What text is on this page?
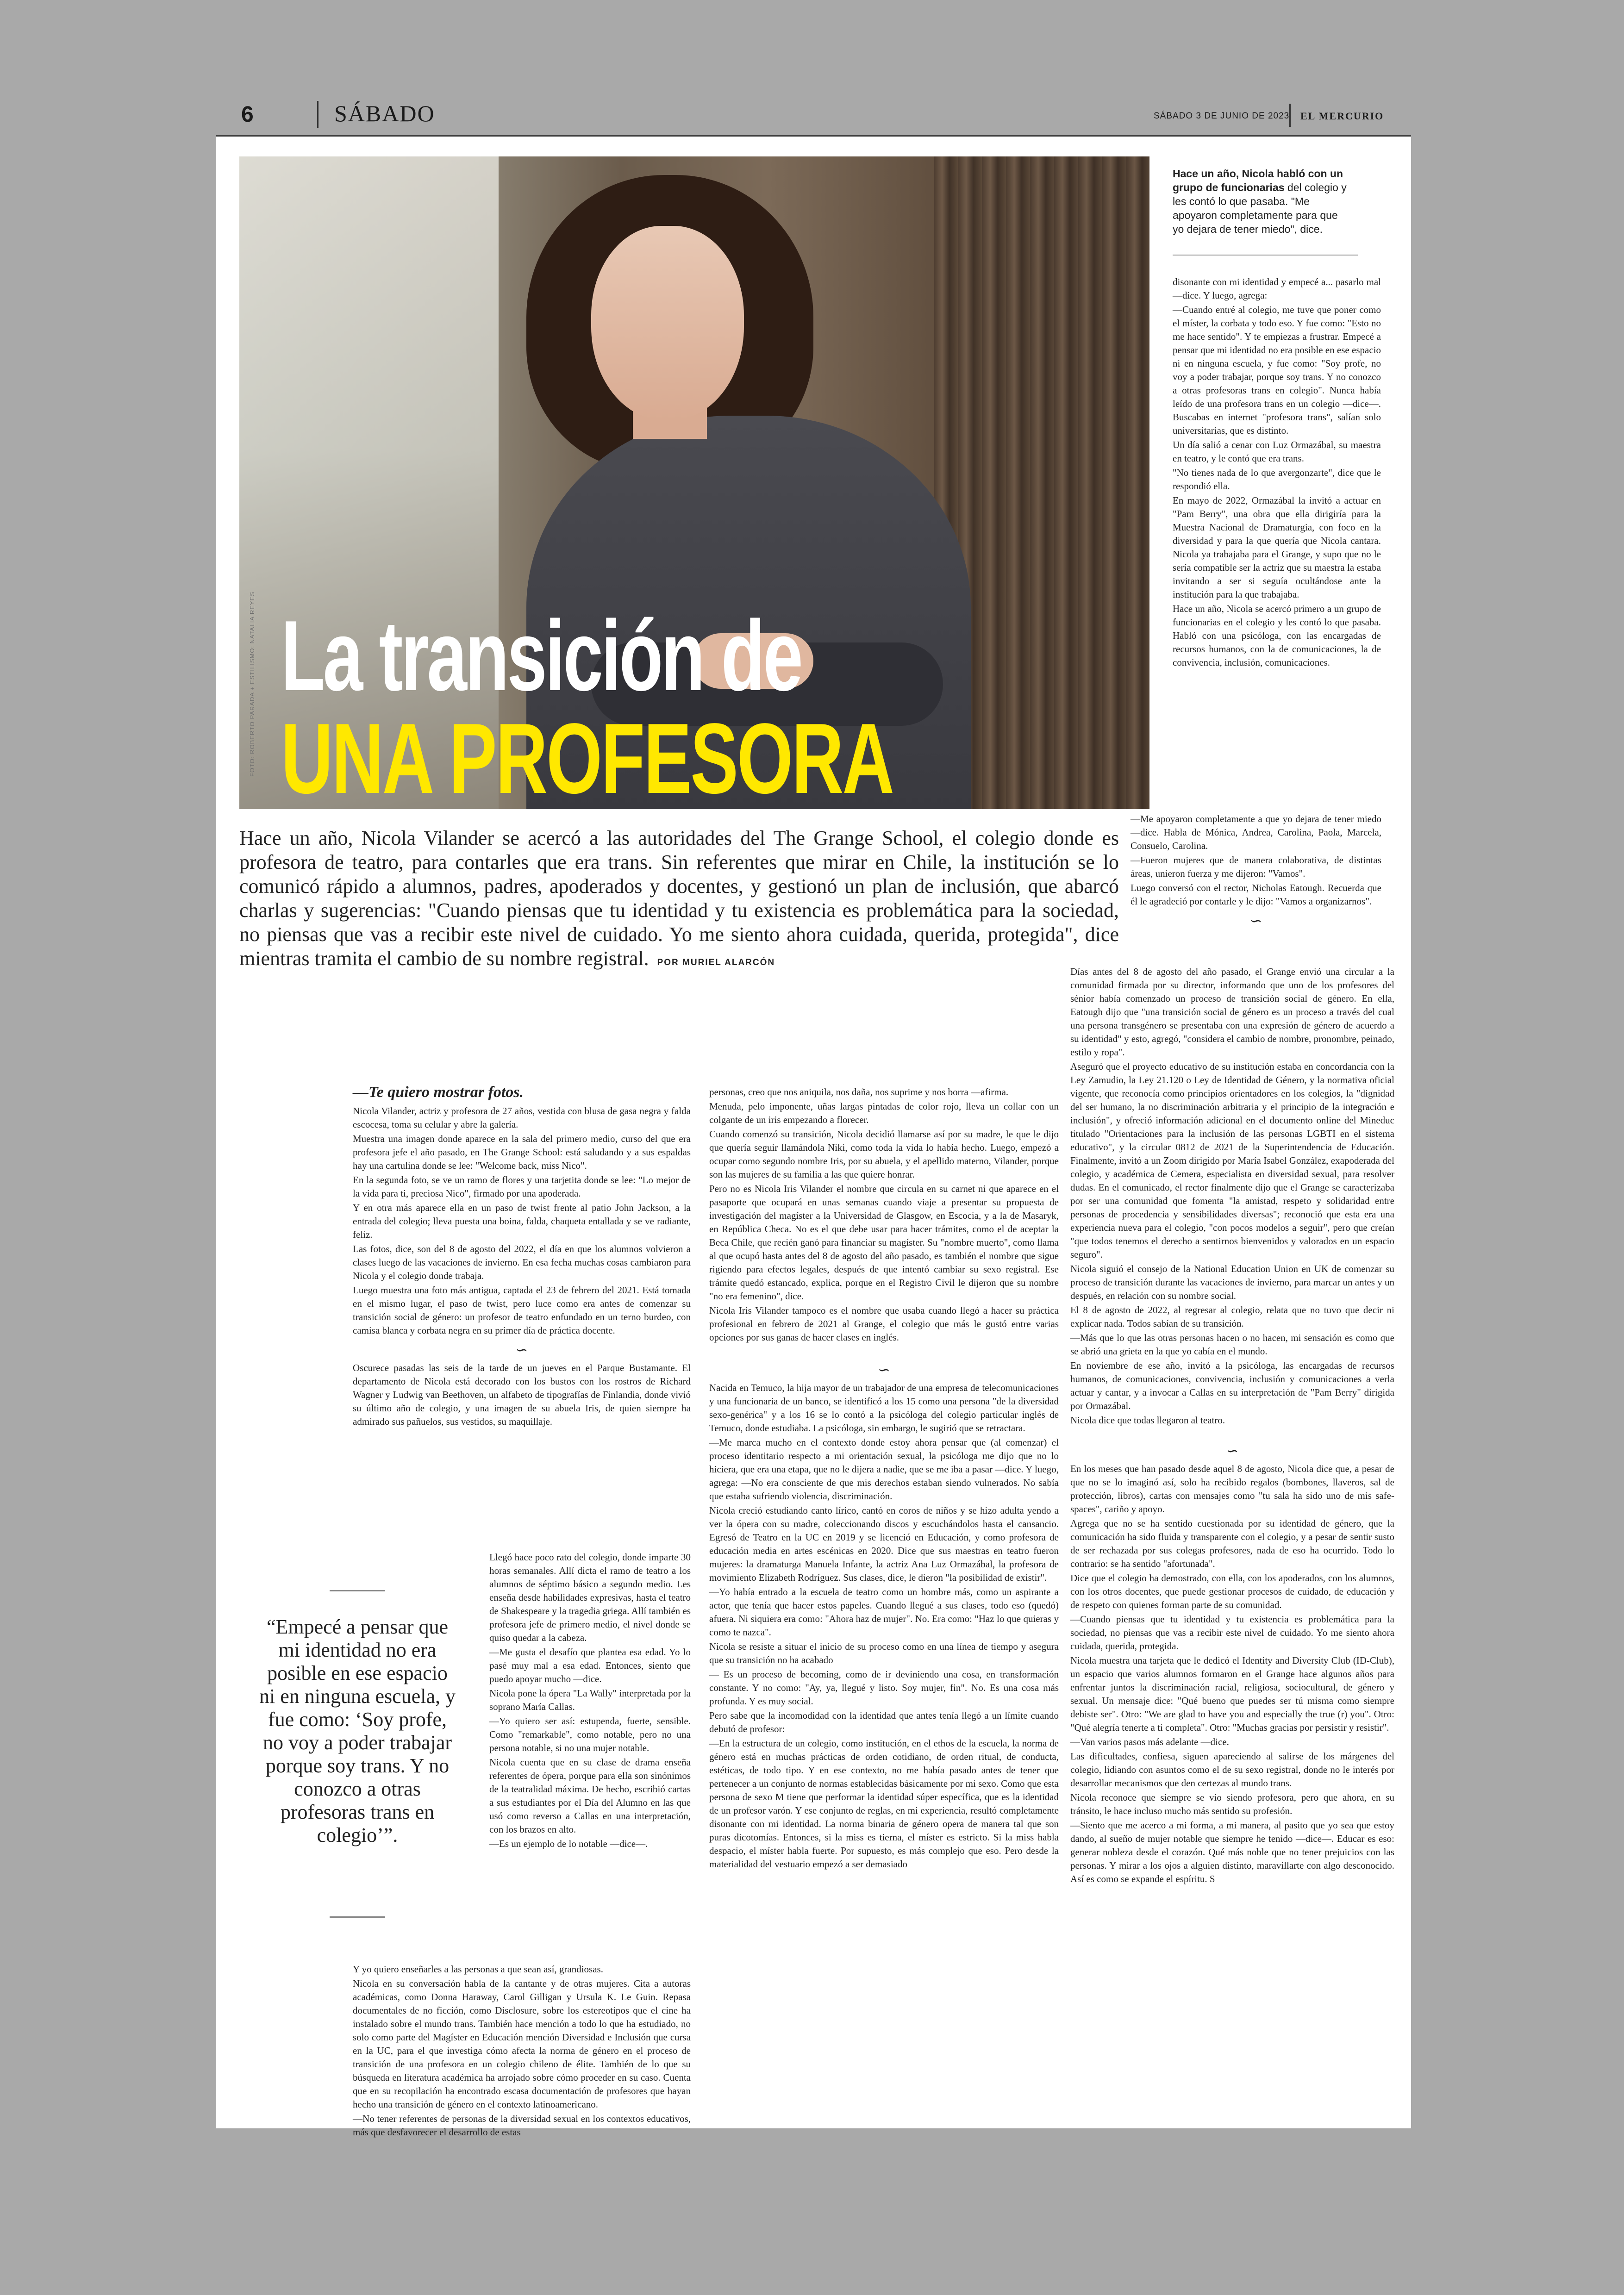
6	SÁBADO	SÁBADO 3 DE JUNIO DE 2023 EL MERCURIO
FOTO: ROBERTO PARADA + ESTILISMO: NATALIA REYES La transición de
UNA PROFESORA
Hace un año, Nicola habló con un grupo de funcionarias del colegio y les contó lo que pasaba. "Me apoyaron completamente para que yo dejara de tener miedo", dice.

disonante con mi identidad y empecé a... pasarlo mal —dice. Y luego, agrega:

—Cuando entré al colegio, me tuve que poner como el míster, la corbata y todo eso. Y fue como: "Esto no me hace sentido". Y te empiezas a frustrar. Empecé a pensar que mi identidad no era posible en ese espacio ni en ninguna escuela, y fue como: "Soy profe, no voy a poder trabajar, porque soy trans. Y no conozco a otras profesoras trans en colegio". Nunca había leído de una profesora trans en un colegio —dice—. Buscabas en internet "profesora trans", salían solo universitarias, que es distinto.

Un día salió a cenar con Luz Ormazábal, su maestra en teatro, y le contó que era trans.

"No tienes nada de lo que avergonzarte", dice que le respondió ella.

En mayo de 2022, Ormazábal la invitó a actuar en "Pam Berry", una obra que ella dirigiría para la Muestra Nacional de Dramaturgia, con foco en la diversidad y para la que quería que Nicola cantara. Nicola ya trabajaba para el Grange, y supo que no le sería compatible ser la actriz que su maestra la estaba invitando a ser si seguía ocultándose ante la institución para la que trabajaba.

Hace un año, Nicola se acercó primero a un grupo de funcionarias en el colegio y les contó lo que pasaba. Habló con una psicóloga, con las encargadas de recursos humanos, con la de comunicaciones, la de convivencia, inclusión, comunicaciones.

Hace un año, Nicola Vilander se acercó a las autoridades del The Grange School, el colegio donde es profesora de teatro, para contarles que era trans. Sin referentes que mirar en Chile, la institución se lo comunicó rápido a alumnos, padres, apoderados y docentes, y gestionó un plan de inclusión, que abarcó charlas y sugerencias: "Cuando piensas que tu identidad y tu existencia es problemática para la sociedad, no piensas que vas a recibir este nivel de cuidado. Yo me siento ahora cuidada, querida, protegida", dice mientras tramita el cambio de su nombre registral. POR MURIEL ALARCÓN

—Me apoyaron completamente a que yo dejara de tener miedo —dice. Habla de Mónica, Andrea, Carolina, Paola, Marcela, Consuelo, Carolina.

—Fueron mujeres que de manera colaborativa, de distintas áreas, unieron fuerza y me dijeron: "Vamos".

Luego conversó con el rector, Nicholas Eatough. Recuerda que él le agradeció por contarle y le dijo: "Vamos a organizarnos".

∽
—Te quiero mostrar fotos.

Nicola Vilander, actriz y profesora de 27 años, vestida con blusa de gasa negra y falda escocesa, toma su celular y abre la galería.

Muestra una imagen donde aparece en la sala del primero medio, curso del que era profesora jefe el año pasado, en The Grange School: está saludando y a sus espaldas hay una cartulina donde se lee: "Welcome back, miss Nico".

En la segunda foto, se ve un ramo de flores y una tarjetita donde se lee: "Lo mejor de la vida para ti, preciosa Nico", firmado por una apoderada.

Y en otra más aparece ella en un paso de twist frente al patio John Jackson, a la entrada del colegio; lleva puesta una boina, falda, chaqueta entallada y se ve radiante, feliz.

Las fotos, dice, son del 8 de agosto del 2022, el día en que los alumnos volvieron a clases luego de las vacaciones de invierno. En esa fecha muchas cosas cambiaron para Nicola y el colegio donde trabaja.

Luego muestra una foto más antigua, captada el 23 de febrero del 2021. Está tomada en el mismo lugar, el paso de twist, pero luce como era antes de comenzar su transición social de género: un profesor de teatro enfundado en un terno burdeo, con camisa blanca y corbata negra en su primer día de práctica docente.

∽

Oscurece pasadas las seis de la tarde de un jueves en el Parque Bustamante. El departamento de Nicola está decorado con los bustos con los rostros de Richard Wagner y Ludwig van Beethoven, un alfabeto de tipografías de Finlandia, donde vivió su último año de colegio, y una imagen de su abuela Iris, de quien siempre ha admirado sus pañuelos, sus vestidos, su maquillaje.

Llegó hace poco rato del colegio, donde imparte 30 horas semanales. Allí dicta el ramo de teatro a los alumnos de séptimo básico a segundo medio. Les enseña desde habilidades expresivas, hasta el teatro de Shakespeare y la tragedia griega. Allí también es profesora jefe de primero medio, el nivel donde se quiso quedar a la cabeza.

—Me gusta el desafío que plantea esa edad. Yo lo pasé muy mal a esa edad. Entonces, siento que puedo apoyar mucho —dice.

Nicola pone la ópera "La Wally" interpretada por la soprano María Callas.

—Yo quiero ser así: estupenda, fuerte, sensible. Como "remarkable", como notable, pero no una persona notable, si no una mujer notable.

Nicola cuenta que en su clase de drama enseña referentes de ópera, porque para ella son sinónimos de la teatralidad máxima. De hecho, escribió cartas a sus estudiantes por el Día del Alumno en las que usó como reverso a Callas en una interpretación, con los brazos en alto.

—Es un ejemplo de lo notable —dice—.

Y yo quiero enseñarles a las personas a que sean así, grandiosas.

Nicola en su conversación habla de la cantante y de otras mujeres. Cita a autoras académicas, como Donna Haraway, Carol Gilligan y Ursula K. Le Guin. Repasa documentales de no ficción, como Disclosure, sobre los estereotipos que el cine ha instalado sobre el mundo trans. También hace mención a todo lo que ha estudiado, no solo como parte del Magíster en Educación mención Diversidad e Inclusión que cursa en la UC, para el que investiga cómo afecta la norma de género en el proceso de transición de una profesora en un colegio chileno de élite. También de lo que su búsqueda en literatura académica ha arrojado sobre cómo proceder en su caso. Cuenta que en su recopilación ha encontrado escasa documentación de profesores que hayan hecho una transición de género en el contexto latinoamericano.

—No tener referentes de personas de la diversidad sexual en los contextos educativos, más que desfavorecer el desarrollo de estas

“Empecé a pensar que mi identidad no era posible en ese espacio ni en ninguna escuela, y fue como: ‘Soy profe, no voy a poder trabajar porque soy trans. Y no conozco a otras profesoras trans en colegio’”.

personas, creo que nos aniquila, nos daña, nos suprime y nos borra —afirma.

Menuda, pelo imponente, uñas largas pintadas de color rojo, lleva un collar con un colgante de un iris empezando a florecer.

Cuando comenzó su transición, Nicola decidió llamarse así por su madre, le que le dijo que quería seguir llamándola Niki, como toda la vida lo había hecho. Luego, empezó a ocupar como segundo nombre Iris, por su abuela, y el apellido materno, Vilander, porque son las mujeres de su familia a las que quiere honrar.

Pero no es Nicola Iris Vilander el nombre que circula en su carnet ni que aparece en el pasaporte que ocupará en unas semanas cuando viaje a presentar su propuesta de investigación del magíster a la Universidad de Glasgow, en Escocia, y a la de Masaryk, en República Checa. No es el que debe usar para hacer trámites, como el de aceptar la Beca Chile, que recién ganó para financiar su magíster. Su "nombre muerto", como llama al que ocupó hasta antes del 8 de agosto del año pasado, es también el nombre que sigue rigiendo para efectos legales, después de que intentó cambiar su sexo registral. Ese trámite quedó estancado, explica, porque en el Registro Civil le dijeron que su nombre "no era femenino", dice.

Nicola Iris Vilander tampoco es el nombre que usaba cuando llegó a hacer su práctica profesional en febrero de 2021 al Grange, el colegio que más le gustó entre varias opciones por sus ganas de hacer clases en inglés.

∽

Nacida en Temuco, la hija mayor de un trabajador de una empresa de telecomunicaciones y una funcionaria de un banco, se identificó a los 15 como una persona "de la diversidad sexo-genérica" y a los 16 se lo contó a la psicóloga del colegio particular inglés de Temuco, donde estudiaba. La psicóloga, sin embargo, le sugirió que se retractara.

—Me marca mucho en el contexto donde estoy ahora pensar que (al comenzar) el proceso identitario respecto a mi orientación sexual, la psicóloga me dijo que no lo hiciera, que era una etapa, que no le dijera a nadie, que se me iba a pasar —dice. Y luego, agrega: —No era consciente de que mis derechos estaban siendo vulnerados. No sabía que estaba sufriendo violencia, discriminación.

Nicola creció estudiando canto lírico, cantó en coros de niños y se hizo adulta yendo a ver la ópera con su madre, coleccionando discos y escuchándolos hasta el cansancio. Egresó de Teatro en la UC en 2019 y se licenció en Educación, y como profesora de educación media en artes escénicas en 2020. Dice que sus maestras en teatro fueron mujeres: la dramaturga Manuela Infante, la actriz Ana Luz Ormazábal, la profesora de movimiento Elizabeth Rodríguez. Sus clases, dice, le dieron "la posibilidad de existir".

—Yo había entrado a la escuela de teatro como un hombre más, como un aspirante a actor, que tenía que hacer estos papeles. Cuando llegué a sus clases, todo eso (quedó) afuera. Ni siquiera era como: "Ahora haz de mujer". No. Era como: "Haz lo que quieras y como te nazca".

Nicola se resiste a situar el inicio de su proceso como en una línea de tiempo y asegura que su transición no ha acabado

— Es un proceso de becoming, como de ir deviniendo una cosa, en transformación constante. Y no como: "Ay, ya, llegué y listo. Soy mujer, fin". No. Es una cosa más profunda. Y es muy social.

Pero sabe que la incomodidad con la identidad que antes tenía llegó a un límite cuando debutó de profesor:

—En la estructura de un colegio, como institución, en el ethos de la escuela, la norma de género está en muchas prácticas de orden cotidiano, de orden ritual, de conducta, estéticas, de todo tipo. Y en ese contexto, no me había pasado antes de tener que pertenecer a un conjunto de normas establecidas básicamente por mi sexo. Como que esta persona de sexo M tiene que performar la identidad súper específica, que es la identidad de un profesor varón. Y ese conjunto de reglas, en mi experiencia, resultó completamente disonante con mi identidad. La norma binaria de género opera de manera tal que son puras dicotomías. Entonces, si la miss es tierna, el míster es estricto. Si la miss habla despacio, el míster habla fuerte. Por supuesto, es más complejo que eso. Pero desde la materialidad del vestuario empezó a ser demasiado

Días antes del 8 de agosto del año pasado, el Grange envió una circular a la comunidad firmada por su director, informando que uno de los profesores del sénior había comenzado un proceso de transición social de género. En ella, Eatough dijo que "una transición social de género es un proceso a través del cual una persona transgénero se presentaba con una expresión de género de acuerdo a su identidad" y esto, agregó, "considera el cambio de nombre, pronombre, peinado, estilo y ropa".

Aseguró que el proyecto educativo de su institución estaba en concordancia con la Ley Zamudio, la Ley 21.120 o Ley de Identidad de Género, y la normativa oficial vigente, que reconocía como principios orientadores en los colegios, la "dignidad del ser humano, la no discriminación arbitraria y el principio de la integración e inclusión", y ofreció información adicional en el documento online del Mineduc titulado "Orientaciones para la inclusión de las personas LGBTI en el sistema educativo", y la circular 0812 de 2021 de la Superintendencia de Educación. Finalmente, invitó a un Zoom dirigido por María Isabel González, exapoderada del colegio, y académica de Cemera, especialista en diversidad sexual, para resolver dudas. En el comunicado, el rector finalmente dijo que el Grange se caracterizaba por ser una comunidad que fomenta "la amistad, respeto y solidaridad entre personas de procedencia y sensibilidades diversas"; reconoció que esta era una experiencia nueva para el colegio, "con pocos modelos a seguir", pero que creían "que todos tenemos el derecho a sentirnos bienvenidos y valorados en un espacio seguro".

Nicola siguió el consejo de la National Education Union en UK de comenzar su proceso de transición durante las vacaciones de invierno, para marcar un antes y un después, en relación con su nombre social.

El 8 de agosto de 2022, al regresar al colegio, relata que no tuvo que decir ni explicar nada. Todos sabían de su transición.

—Más que lo que las otras personas hacen o no hacen, mi sensación es como que se abrió una grieta en la que yo cabía en el mundo.

En noviembre de ese año, invitó a la psicóloga, las encargadas de recursos humanos, de comunicaciones, convivencia, inclusión y comunicaciones a verla actuar y cantar, y a invocar a Callas en su interpretación de "Pam Berry" dirigida por Ormazábal.

Nicola dice que todas llegaron al teatro.

∽

En los meses que han pasado desde aquel 8 de agosto, Nicola dice que, a pesar de que no se lo imaginó así, solo ha recibido regalos (bombones, llaveros, sal de protección, libros), cartas con mensajes como "tu sala ha sido uno de mis safe-spaces", cariño y apoyo.

Agrega que no se ha sentido cuestionada por su identidad de género, que la comunicación ha sido fluida y transparente con el colegio, y a pesar de sentir susto de ser rechazada por sus colegas profesores, nada de eso ha ocurrido. Todo lo contrario: se ha sentido "afortunada".

Dice que el colegio ha demostrado, con ella, con los apoderados, con los alumnos, con los otros docentes, que puede gestionar procesos de cuidado, de educación y de respeto con quienes forman parte de su comunidad.

—Cuando piensas que tu identidad y tu existencia es problemática para la sociedad, no piensas que vas a recibir este nivel de cuidado. Yo me siento ahora cuidada, querida, protegida.

Nicola muestra una tarjeta que le dedicó el Identity and Diversity Club (ID-Club), un espacio que varios alumnos formaron en el Grange hace algunos años para enfrentar juntos la discriminación racial, religiosa, sociocultural, de género y sexual. Un mensaje dice: "Qué bueno que puedes ser tú misma como siempre debiste ser". Otro: "We are glad to have you and especially the true (r) you". Otro: "Qué alegría tenerte a ti completa". Otro: "Muchas gracias por persistir y resistir".

—Van varios pasos más adelante —dice.

Las dificultades, confiesa, siguen apareciendo al salirse de los márgenes del colegio, lidiando con asuntos como el de su sexo registral, donde no le interés por desarrollar mecanismos que den certezas al mundo trans.

Nicola reconoce que siempre se vio siendo profesora, pero que ahora, en su tránsito, le hace incluso mucho más sentido su profesión.

—Siento que me acerco a mi forma, a mi manera, al pasito que yo sea que estoy dando, al sueño de mujer notable que siempre he tenido —dice—. Educar es eso: generar nobleza desde el corazón. Qué más noble que no tener prejuicios con las personas. Y mirar a los ojos a alguien distinto, maravillarte con algo desconocido. Así es como se expande el espíritu. S
